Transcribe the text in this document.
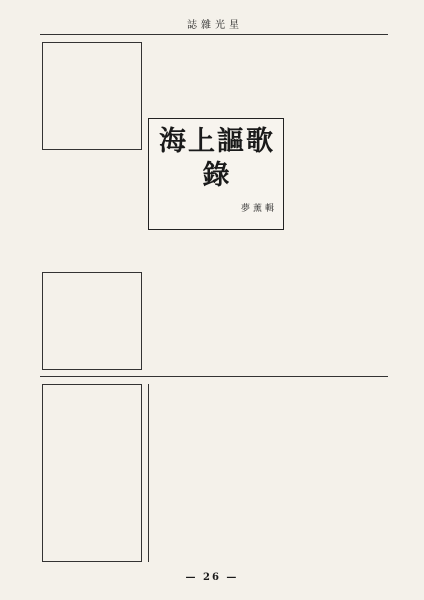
誌雜光星
海上謳歌錄
夢薰輯
— 26 —
